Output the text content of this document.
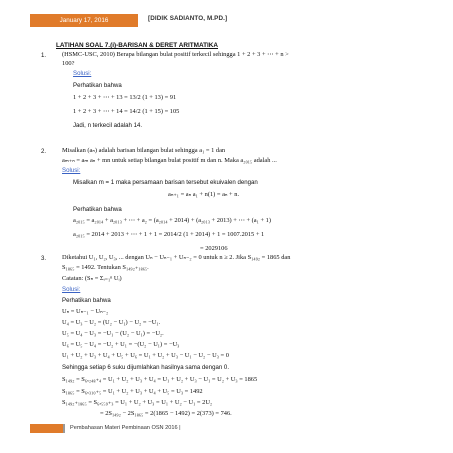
January 17, 2016	[DIDIK SADIANTO, M.PD.]
LATIHAN SOAL 7.(i)-BARISAN & DERET ARITMATIKA
1. (HSMC-USC, 2010) Berapa bilangan bulat positif terkecil sehingga 1 + 2 + 3 + ⋯ + n >
100?
Solusi:
Perhatikan bahwa
1 + 2 + 3 + ⋯ + 13 = 13/2 (1 + 13) = 91
1 + 2 + 3 + ⋯ + 14 = 14/2 (1 + 15) = 105
Jadi, n terkecil adalah 14.
2. Misalkan (aₙ) adalah barisan bilangan bulat sehingga a₁ = 1 dan
aₘ₊ₙ = aₘ aₙ + mn untuk setiap bilangan bulat positif m dan n. Maka a₂₀₁₅ adalah ...
Solusi:
Misalkan m = 1 maka persamaan barisan tersebut ekuivalen dengan
aₙ₊₁ = aₙ a₁ + n(1) = aₙ + n.
Perhatikan bahwa
a₂₀₁₅ = a₂₀₁₄ + a₂₀₁₃ + ⋯ + a₂ = (a₂₀₁₄ + 2014) + (a₂₀₁₃ + 2013) + ⋯ + (a₁ + 1)
a₂₀₁₅ = 2014 + 2013 + ⋯ + 1 + 1 = 2014/2 (1 + 2014) + 1 = 1007.2015 + 1
= 2029106
3. Diketahui U₁, U₂, U₃, ... dengan Uₙ − Uₙ₋₁ + Uₙ₋₂ = 0 untuk n ≥ 2. Jika S₁₄₉₂ = 1865 dan
S₁₈₆₅ = 1492. Tentukan S₁₄₉₂₊₁₈₆₅.
Catatan: (Sₙ = Σᵢ₌₁ⁿ Uᵢ)
Solusi:
Perhatikan bahwa
Uₙ = Uₙ₋₁ − Uₙ₋₂
U₄ = U₃ − U₂ = (U₂ − U₁) − U₂ = −U₁.
U₅ = U₄ − U₃ = −U₁ − (U₂ − U₁) = −U₂.
U₆ = U₅ − U₄ = −U₂ + U₁ = −(U₂ − U₁) = −U₃
U₁ + U₂ + U₃ + U₄ + U₅ + U₆ = U₁ + U₂ + U₃ − U₁ − U₂ − U₃ = 0
Sehingga setiap 6 suku dijumlahkan hasilnya sama dengan 0.
S₁₄₉₂ = S₆ₓ₂₄₈₊₄ = U₁ + U₂ + U₃ + U₄ = U₁ + U₂ + U₃ − U₁ = U₂ + U₃ = 1865
S₁₈₆₅ = S₆ₓ₃₁₀₊₅ = U₁ + U₂ + U₃ + U₄ + U₅ = U₃ = 1492
S₁₄₉₂₊₁₈₆₅ = S₆ₓ₅₅₉₊₃ = U₁ + U₂ + U₃ = U₁ + U₂ − U₁ = 2U₂
= 2S₁₄₉₂ − 2S₁₈₆₅ = 2(1865 − 1492) = 2(373) = 746.
Pembahasan Materi Pembinaan OSN 2016 |
